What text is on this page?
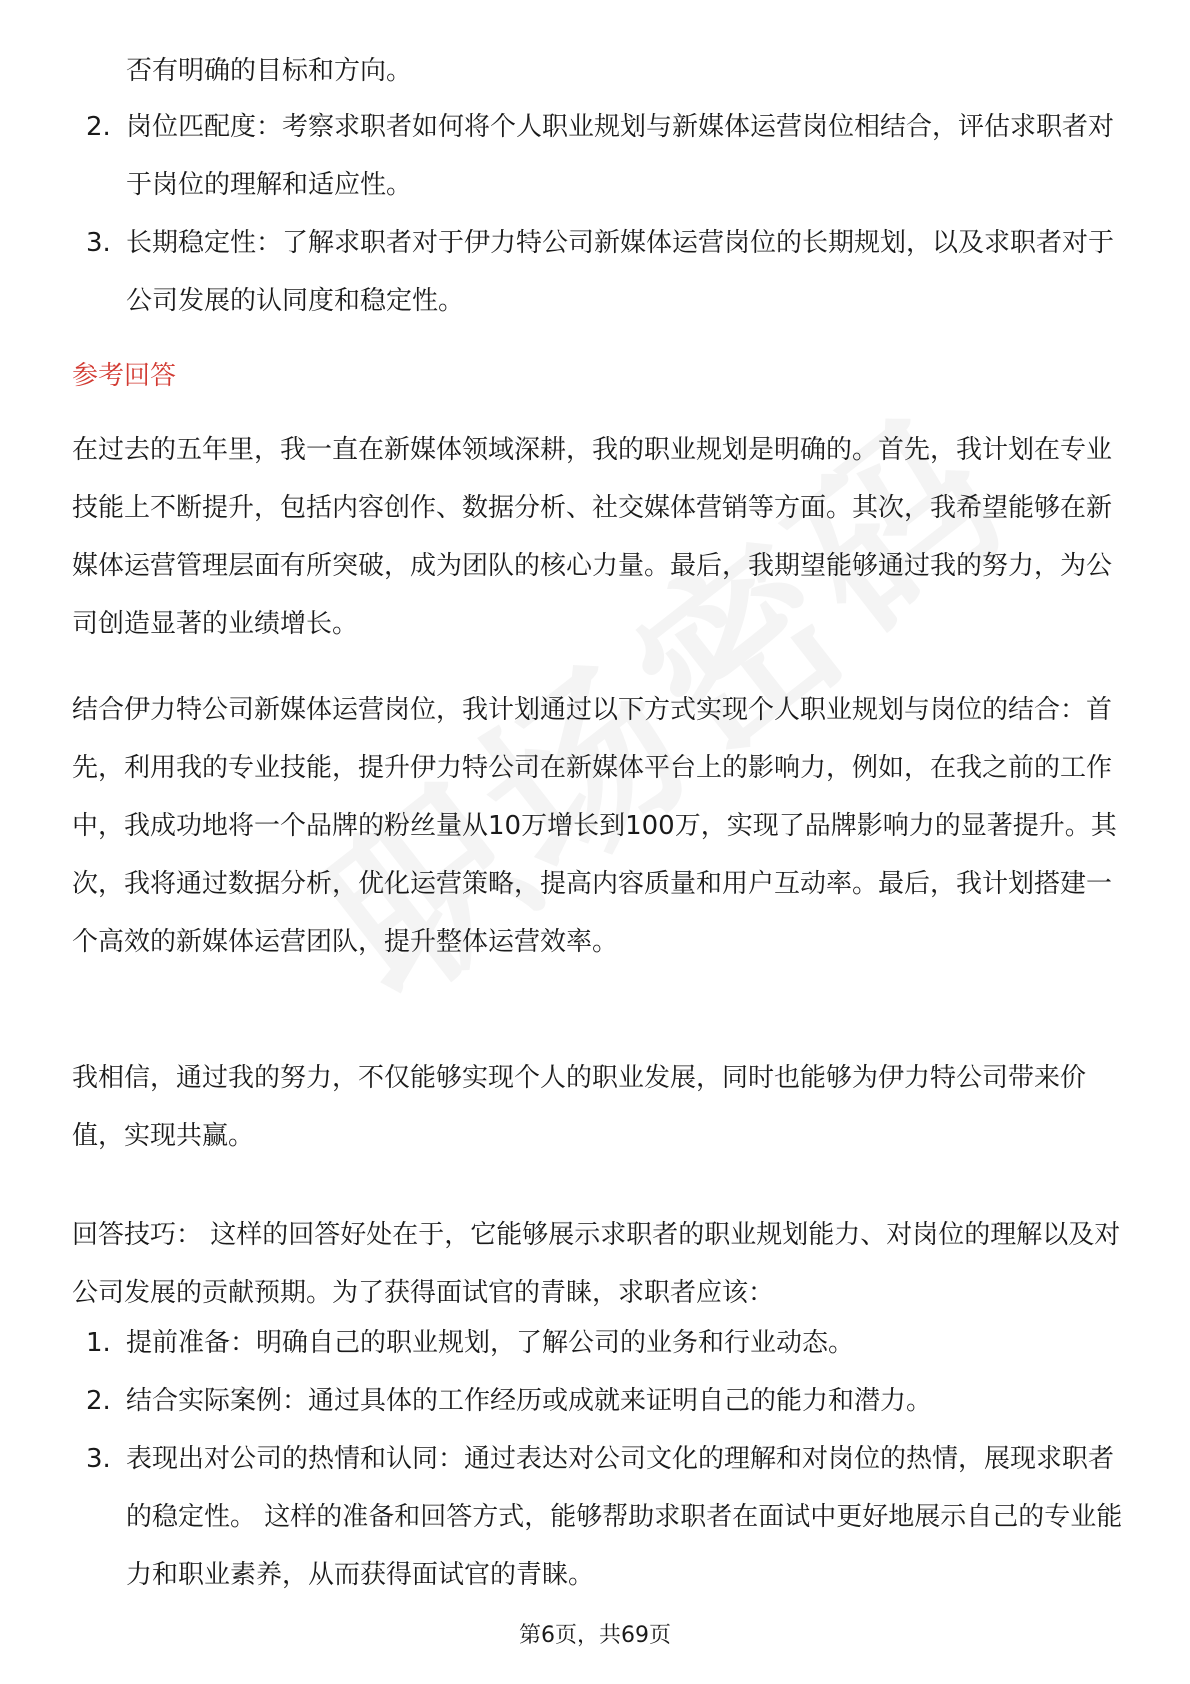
否有明确的目标和方向。
2. 岗位匹配度：考察求职者如何将个人职业规划与新媒体运营岗位相结合，评估求职者对于岗位的理解和适应性。
3. 长期稳定性：了解求职者对于伊力特公司新媒体运营岗位的长期规划，以及求职者对于公司发展的认同度和稳定性。
参考回答

在过去的五年里，我一直在新媒体领域深耕，我的职业规划是明确的。首先，我计划在专业技能上不断提升，包括内容创作、数据分析、社交媒体营销等方面。其次，我希望能够在新媒体运营管理层面有所突破，成为团队的核心力量。最后，我期望能够通过我的努力，为公司创造显著的业绩增长。

结合伊力特公司新媒体运营岗位，我计划通过以下方式实现个人职业规划与岗位的结合：首先，利用我的专业技能，提升伊力特公司在新媒体平台上的影响力，例如，在我之前的工作中，我成功地将一个品牌的粉丝量从10万增长到100万，实现了品牌影响力的显著提升。其次，我将通过数据分析，优化运营策略，提高内容质量和用户互动率。最后，我计划搭建一个高效的新媒体运营团队，提升整体运营效率。

我相信，通过我的努力，不仅能够实现个人的职业发展，同时也能够为伊力特公司带来价值，实现共赢。

回答技巧： 这样的回答好处在于，它能够展示求职者的职业规划能力、对岗位的理解以及对公司发展的贡献预期。为了获得面试官的青睐，求职者应该：

1. 提前准备：明确自己的职业规划，了解公司的业务和行业动态。
2. 结合实际案例：通过具体的工作经历或成就来证明自己的能力和潜力。
3. 表现出对公司的热情和认同：通过表达对公司文化的理解和对岗位的热情，展现求职者的稳定性。 这样的准备和回答方式，能够帮助求职者在面试中更好地展示自己的专业能力和职业素养，从而获得面试官的青睐。
第6页，共69页
